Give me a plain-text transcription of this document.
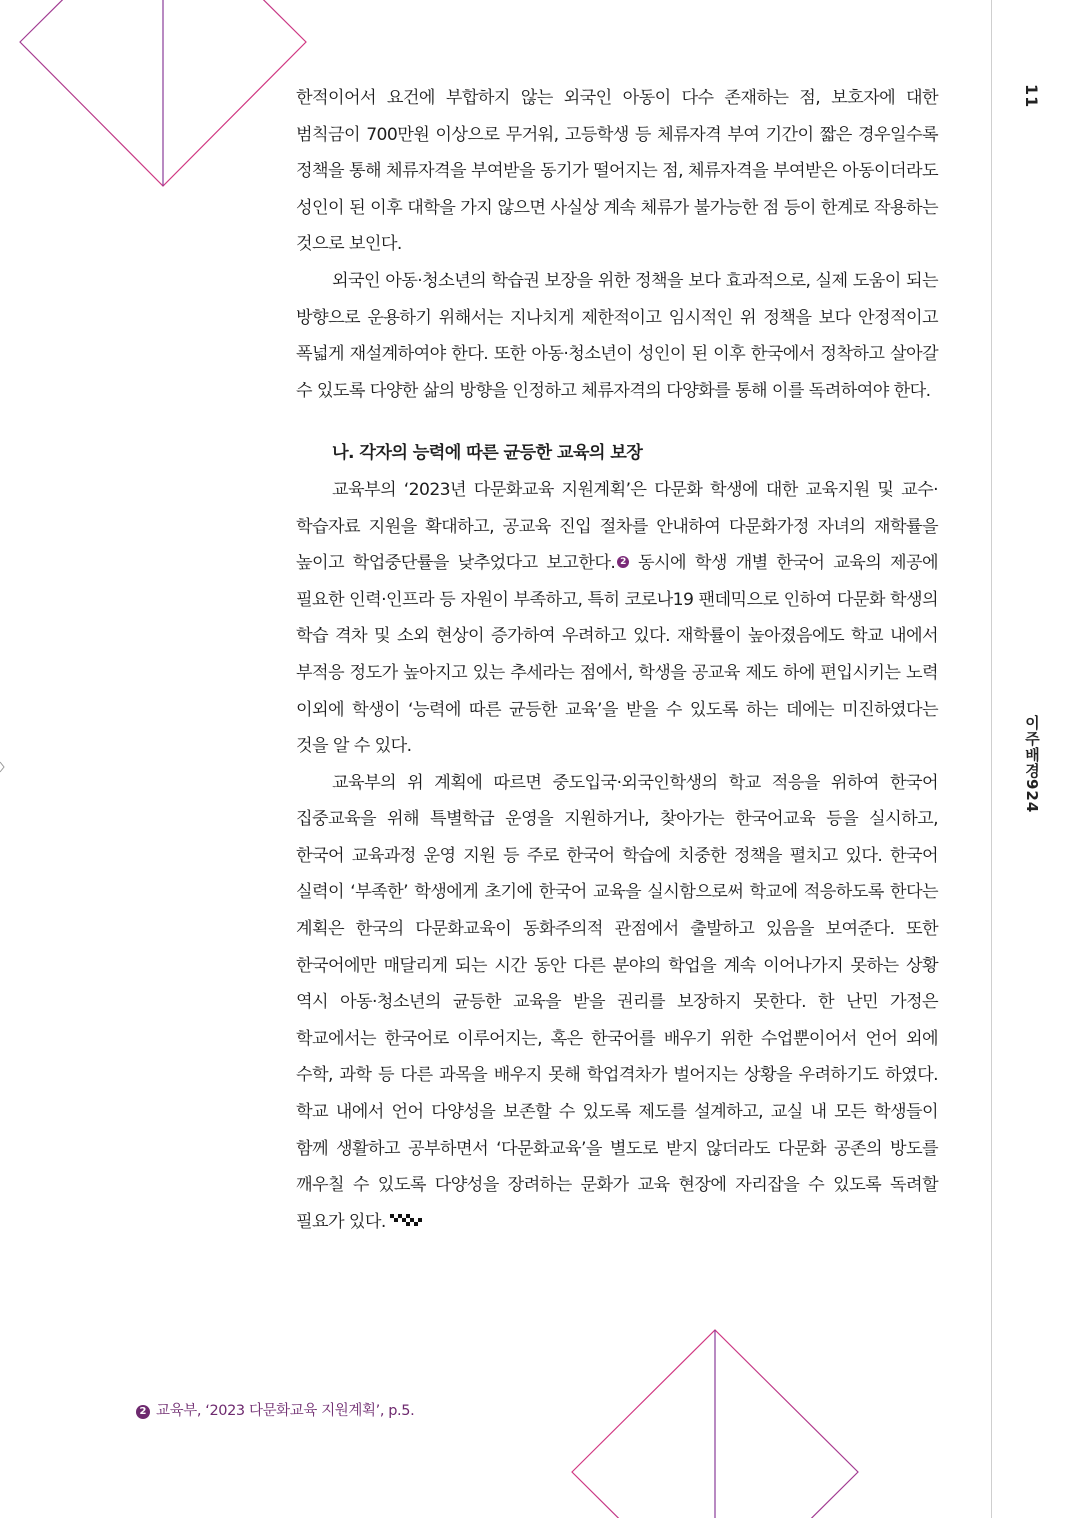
11
이주배경924

한적이어서 요건에 부합하지 않는 외국인 아동이 다수 존재하는 점, 보호자에 대한 범칙금이 700만원 이상으로 무거워, 고등학생 등 체류자격 부여 기간이 짧은 경우일수록 정책을 통해 체류자격을 부여받을 동기가 떨어지는 점, 체류자격을 부여받은 아동이더라도 성인이 된 이후 대학을 가지 않으면 사실상 계속 체류가 불가능한 점 등이 한계로 작용하는 것으로 보인다.

외국인 아동·청소년의 학습권 보장을 위한 정책을 보다 효과적으로, 실제 도움이 되는 방향으로 운용하기 위해서는 지나치게 제한적이고 임시적인 위 정책을 보다 안정적이고 폭넓게 재설계하여야 한다. 또한 아동·청소년이 성인이 된 이후 한국에서 정착하고 살아갈 수 있도록 다양한 삶의 방향을 인정하고 체류자격의 다양화를 통해 이를 독려하여야 한다.

나. 각자의 능력에 따른 균등한 교육의 보장

교육부의 ‘2023년 다문화교육 지원계획’은 다문화 학생에 대한 교육지원 및 교수·학습자료 지원을 확대하고, 공교육 진입 절차를 안내하여 다문화가정 자녀의 재학률을 높이고 학업중단률을 낮추었다고 보고한다. 2 동시에 학생 개별 한국어 교육의 제공에 필요한 인력·인프라 등 자원이 부족하고, 특히 코로나19 팬데믹으로 인하여 다문화 학생의 학습 격차 및 소외 현상이 증가하여 우려하고 있다. 재학률이 높아졌음에도 학교 내에서 부적응 정도가 높아지고 있는 추세라는 점에서, 학생을 공교육 제도 하에 편입시키는 노력 이외에 학생이 ‘능력에 따른 균등한 교육’을 받을 수 있도록 하는 데에는 미진하였다는 것을 알 수 있다.

교육부의 위 계획에 따르면 중도입국·외국인학생의 학교 적응을 위하여 한국어 집중교육을 위해 특별학급 운영을 지원하거나, 찾아가는 한국어교육 등을 실시하고, 한국어 교육과정 운영 지원 등 주로 한국어 학습에 치중한 정책을 펼치고 있다. 한국어 실력이 ‘부족한’ 학생에게 초기에 한국어 교육을 실시함으로써 학교에 적응하도록 한다는 계획은 한국의 다문화교육이 동화주의적 관점에서 출발하고 있음을 보여준다. 또한 한국어에만 매달리게 되는 시간 동안 다른 분야의 학업을 계속 이어나가지 못하는 상황 역시 아동·청소년의 균등한 교육을 받을 권리를 보장하지 못한다. 한 난민 가정은 학교에서는 한국어로 이루어지는, 혹은 한국어를 배우기 위한 수업뿐이어서 언어 외에 수학, 과학 등 다른 과목을 배우지 못해 학업격차가 벌어지는 상황을 우려하기도 하였다. 학교 내에서 언어 다양성을 보존할 수 있도록 제도를 설계하고, 교실 내 모든 학생들이 함께 생활하고 공부하면서 ‘다문화교육’을 별도로 받지 않더라도 다문화 공존의 방도를 깨우칠 수 있도록 다양성을 장려하는 문화가 교육 현장에 자리잡을 수 있도록 독려할 필요가 있다.

2 교육부, ‘2023 다문화교육 지원계획’, p.5.
